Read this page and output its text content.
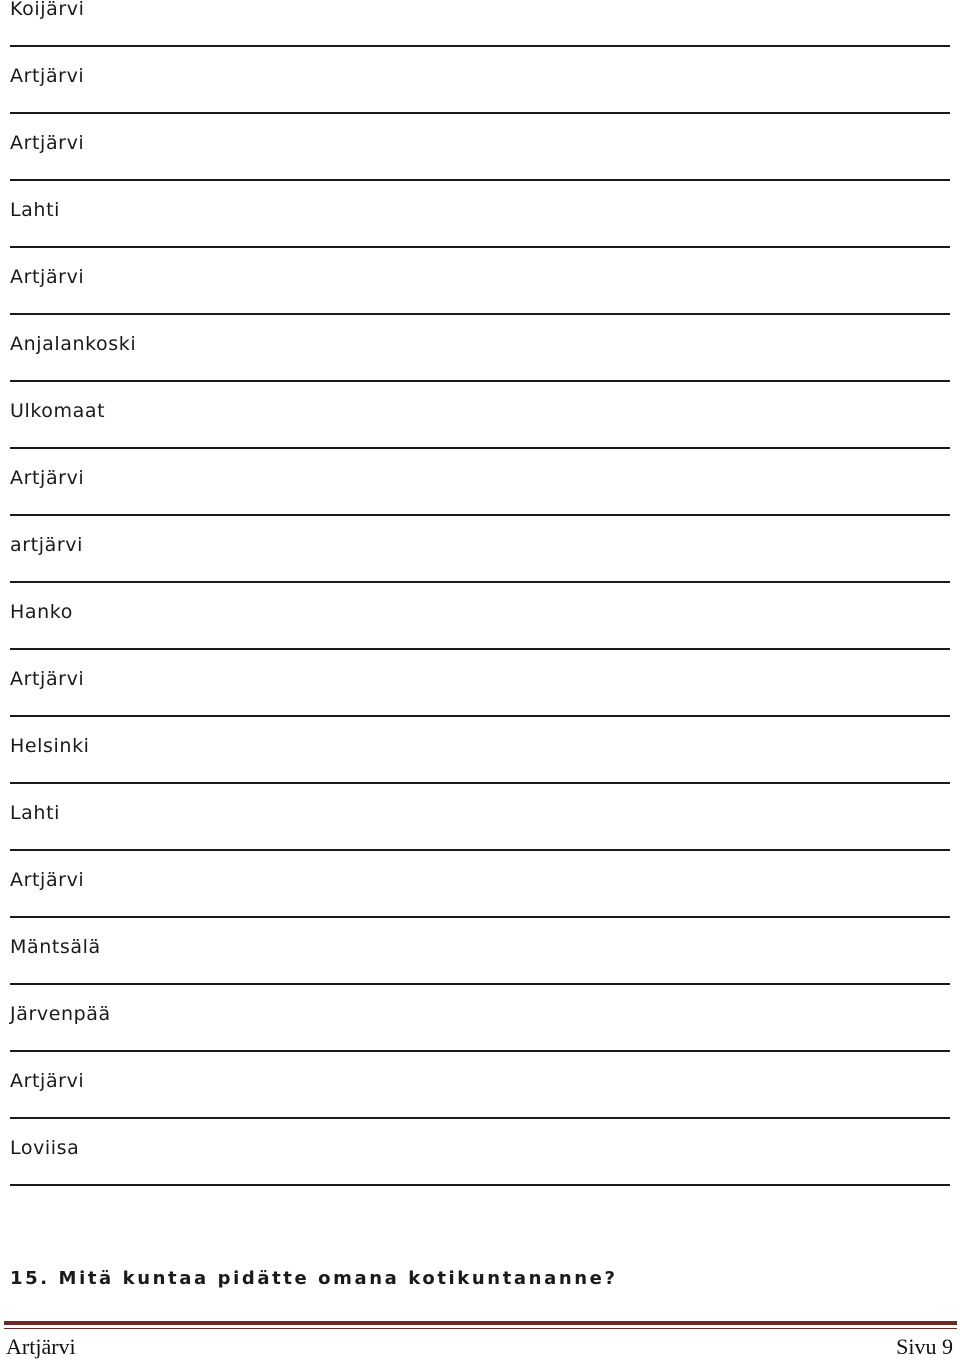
Koijärvi
Artjärvi
Artjärvi
Lahti
Artjärvi
Anjalankoski
Ulkomaat
Artjärvi
artjärvi
Hanko
Artjärvi
Helsinki
Lahti
Artjärvi
Mäntsälä
Järvenpää
Artjärvi
Loviisa
15. Mitä kuntaa pidätte omana kotikuntananne?
Artjärvi	Sivu 9
